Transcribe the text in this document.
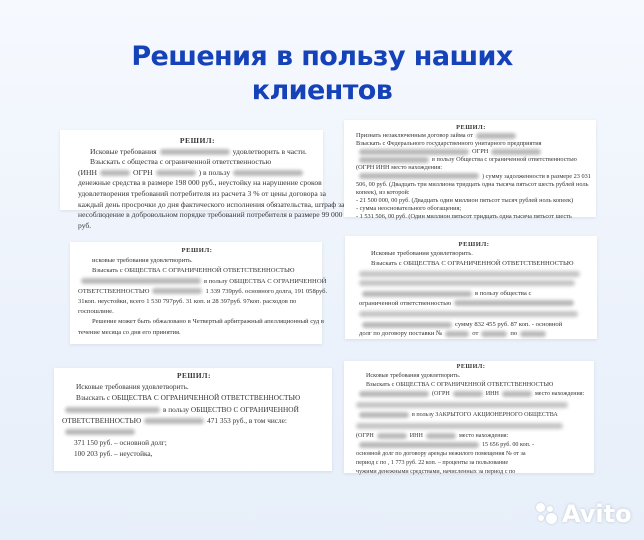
Решения в пользу наших
клиентов
РЕШИЛ:
Исковые требования	удовлетворить в части.
Взыскать с общества с ограниченной ответственностью
(ИНН	ОГРН	) в пользу
денежные средства в размере 198 000 руб., неустойку на нарушение сроков
удовлетворения требований потребителя из расчета 3 % от цены договора за
каждый день просрочки до дня фактического исполнения обязательства, штраф за
несоблюдение в добровольном порядке требований потребителя в размере 99 000
руб.
РЕШИЛ:
Признать незаключенным договор займа от
Взыскать с Федерального государственного унитарного предприятия
ОГРН
в пользу Общества с ограниченной ответственностью
(ОГРН ИНН место нахождения:
) сумму задолженности в размере 23 031
506, 00 руб. (Двадцать три миллиона тридцать одна тысяча пятьсот шесть рублей ноль
копеек), из которой:
- 21 500 000, 00 руб. (Двадцать один миллион пятьсот тысяч рублей ноль копеек)
- сумма неосновательного обогащения;
- 1 531 506, 00 руб. (Один миллион пятьсот тридцать одна тысяча пятьсот шесть
РЕШИЛ:
исковые требования удовлетворить.
Взыскать с ОБЩЕСТВА С ОГРАНИЧЕННОЙ ОТВЕТСТВЕННОСТЬЮ
в пользу ОБЩЕСТВА С ОГРАНИЧЕННОЙ
ОТВЕТСТВЕННОСТЬЮ	1 339 739руб. основного долга, 191 058руб.
31коп. неустойки, всего 1 530 797руб. 31 коп. и 28 397руб. 97коп. расходов по
госпошлине.
Решение может быть обжаловано в Четвертый арбитражный апелляционный суд в
течение месяца со дня его принятия.
РЕШИЛ:
Исковые требования удовлетворить.
Взыскать с ОБЩЕСТВА С ОГРАНИЧЕННОЙ ОТВЕТСТВЕННОСТЬЮ
в пользу общества с
ограниченной ответственностью
сумму 832 455 руб. 87 коп. - основной
долг по договору поставки №	от	по
РЕШИЛ:
Исковые требования удовлетворить.
Взыскать с ОБЩЕСТВА С ОГРАНИЧЕННОЙ ОТВЕТСТВЕННОСТЬЮ
в пользу ОБЩЕСТВО С ОГРАНИЧЕННОЙ
ОТВЕТСТВЕННОСТЬЮ	471 353 руб., в том числе:
371 150 руб. – основной долг;
100 203 руб. – неустойка,
РЕШИЛ:
Исковые требования удовлетворить.
Взыскать с ОБЩЕСТВА С ОГРАНИЧЕННОЙ ОТВЕТСТВЕННОСТЬЮ
(ОГРН	ИНН	место нахождения:
в пользу ЗАКРЫТОГО АКЦИОНЕРНОГО ОБЩЕСТВА
(ОГРН	ИНН	место нахождения:
15 656 руб. 00 коп. -
основной долг по договору аренды нежилого помещения № от за
период с по , 1 773 руб. 22 коп. – проценты за пользование
чужими денежными средствами, начисленных за период с по
Avito
